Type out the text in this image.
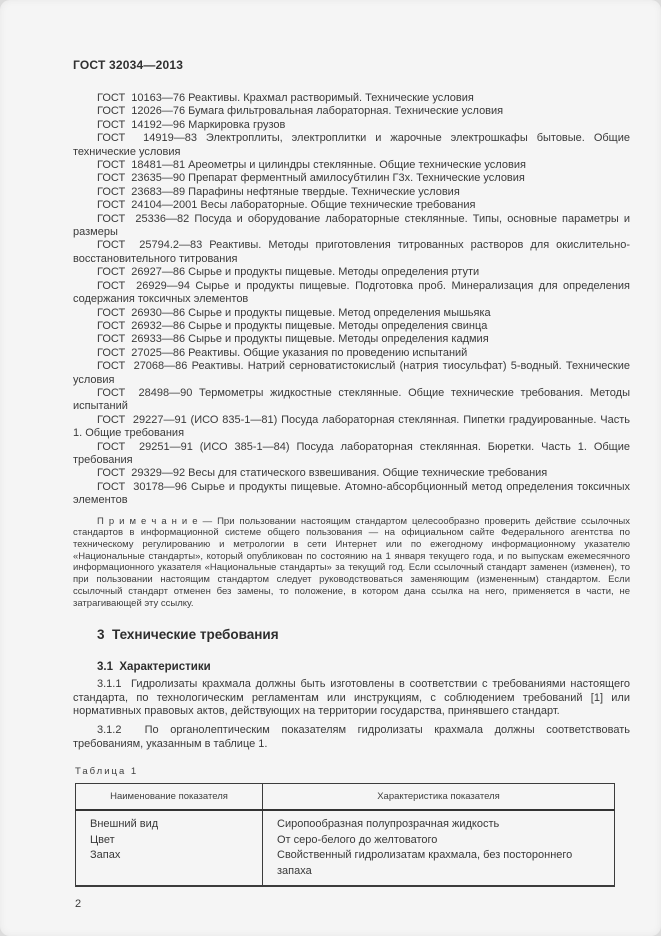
ГОСТ 32034—2013

ГОСТ  10163—76 Реактивы. Крахмал растворимый. Технические условия

ГОСТ  12026—76 Бумага фильтровальная лабораторная. Технические условия

ГОСТ  14192—96 Маркировка грузов

ГОСТ  14919—83 Электроплиты, электроплитки и жарочные электрошкафы бытовые. Общие технические условия

ГОСТ  18481—81 Ареометры и цилиндры стеклянные. Общие технические условия

ГОСТ  23635—90 Препарат ферментный амилосубтилин Г3х. Технические условия

ГОСТ  23683—89 Парафины нефтяные твердые. Технические условия

ГОСТ  24104—2001 Весы лабораторные. Общие технические требования

ГОСТ  25336—82 Посуда и оборудование лабораторные стеклянные. Типы, основные параметры и размеры

ГОСТ  25794.2—83 Реактивы. Методы приготовления титрованных растворов для окислительно-восстановительного титрования

ГОСТ  26927—86 Сырье и продукты пищевые. Методы определения ртути

ГОСТ  26929—94 Сырье и продукты пищевые. Подготовка проб. Минерализация для определения содержания токсичных элементов

ГОСТ  26930—86 Сырье и продукты пищевые. Метод определения мышьяка

ГОСТ  26932—86 Сырье и продукты пищевые. Методы определения свинца

ГОСТ  26933—86 Сырье и продукты пищевые. Методы определения кадмия

ГОСТ  27025—86 Реактивы. Общие указания по проведению испытаний

ГОСТ  27068—86 Реактивы. Натрий серноватистокислый (натрия тиосульфат) 5-водный. Технические условия

ГОСТ  28498—90 Термометры жидкостные стеклянные. Общие технические требования. Методы испытаний

ГОСТ  29227—91 (ИСО 835-1—81) Посуда лабораторная стеклянная. Пипетки градуированные. Часть 1. Общие требования

ГОСТ  29251—91 (ИСО 385-1—84) Посуда лабораторная стеклянная. Бюретки. Часть 1. Общие требования

ГОСТ  29329—92 Весы для статического взвешивания. Общие технические требования

ГОСТ  30178—96 Сырье и продукты пищевые. Атомно-абсорбционный метод определения токсичных элементов

П р и м е ч а н и е — При пользовании настоящим стандартом целесообразно проверить действие ссылочных стандартов в информационной системе общего пользования — на официальном сайте Федерального агентства по техническому регулированию и метрологии в сети Интернет или по ежегодному информационному указателю «Национальные стандарты», который опубликован по состоянию на 1 января текущего года, и по выпускам ежемесячного информационного указателя «Национальные стандарты» за текущий год. Если ссылочный стандарт заменен (изменен), то при пользовании настоящим стандартом следует руководствоваться заменяющим (измененным) стандартом. Если ссылочный стандарт отменен без замены, то положение, в котором дана ссылка на него, применяется в части, не затрагивающей эту ссылку.

3  Технические требования
3.1  Характеристики

3.1.1  Гидролизаты крахмала должны быть изготовлены в соответствии с требованиями настоящего стандарта, по технологическим регламентам или инструкциям, с соблюдением требований [1] или нормативных правовых актов, действующих на территории государства, принявшего стандарт.

3.1.2  По органолептическим показателям гидролизаты крахмала должны соответствовать требованиям, указанным в таблице 1.

Таблица 1
Наименование показателя	Характеристика показателя
Внешний вид	Сиропообразная полупрозрачная жидкость
Цвет	От серо-белого до желтоватого
Запах	Свойственный гидролизатам крахмала, без постороннего запаха
2
